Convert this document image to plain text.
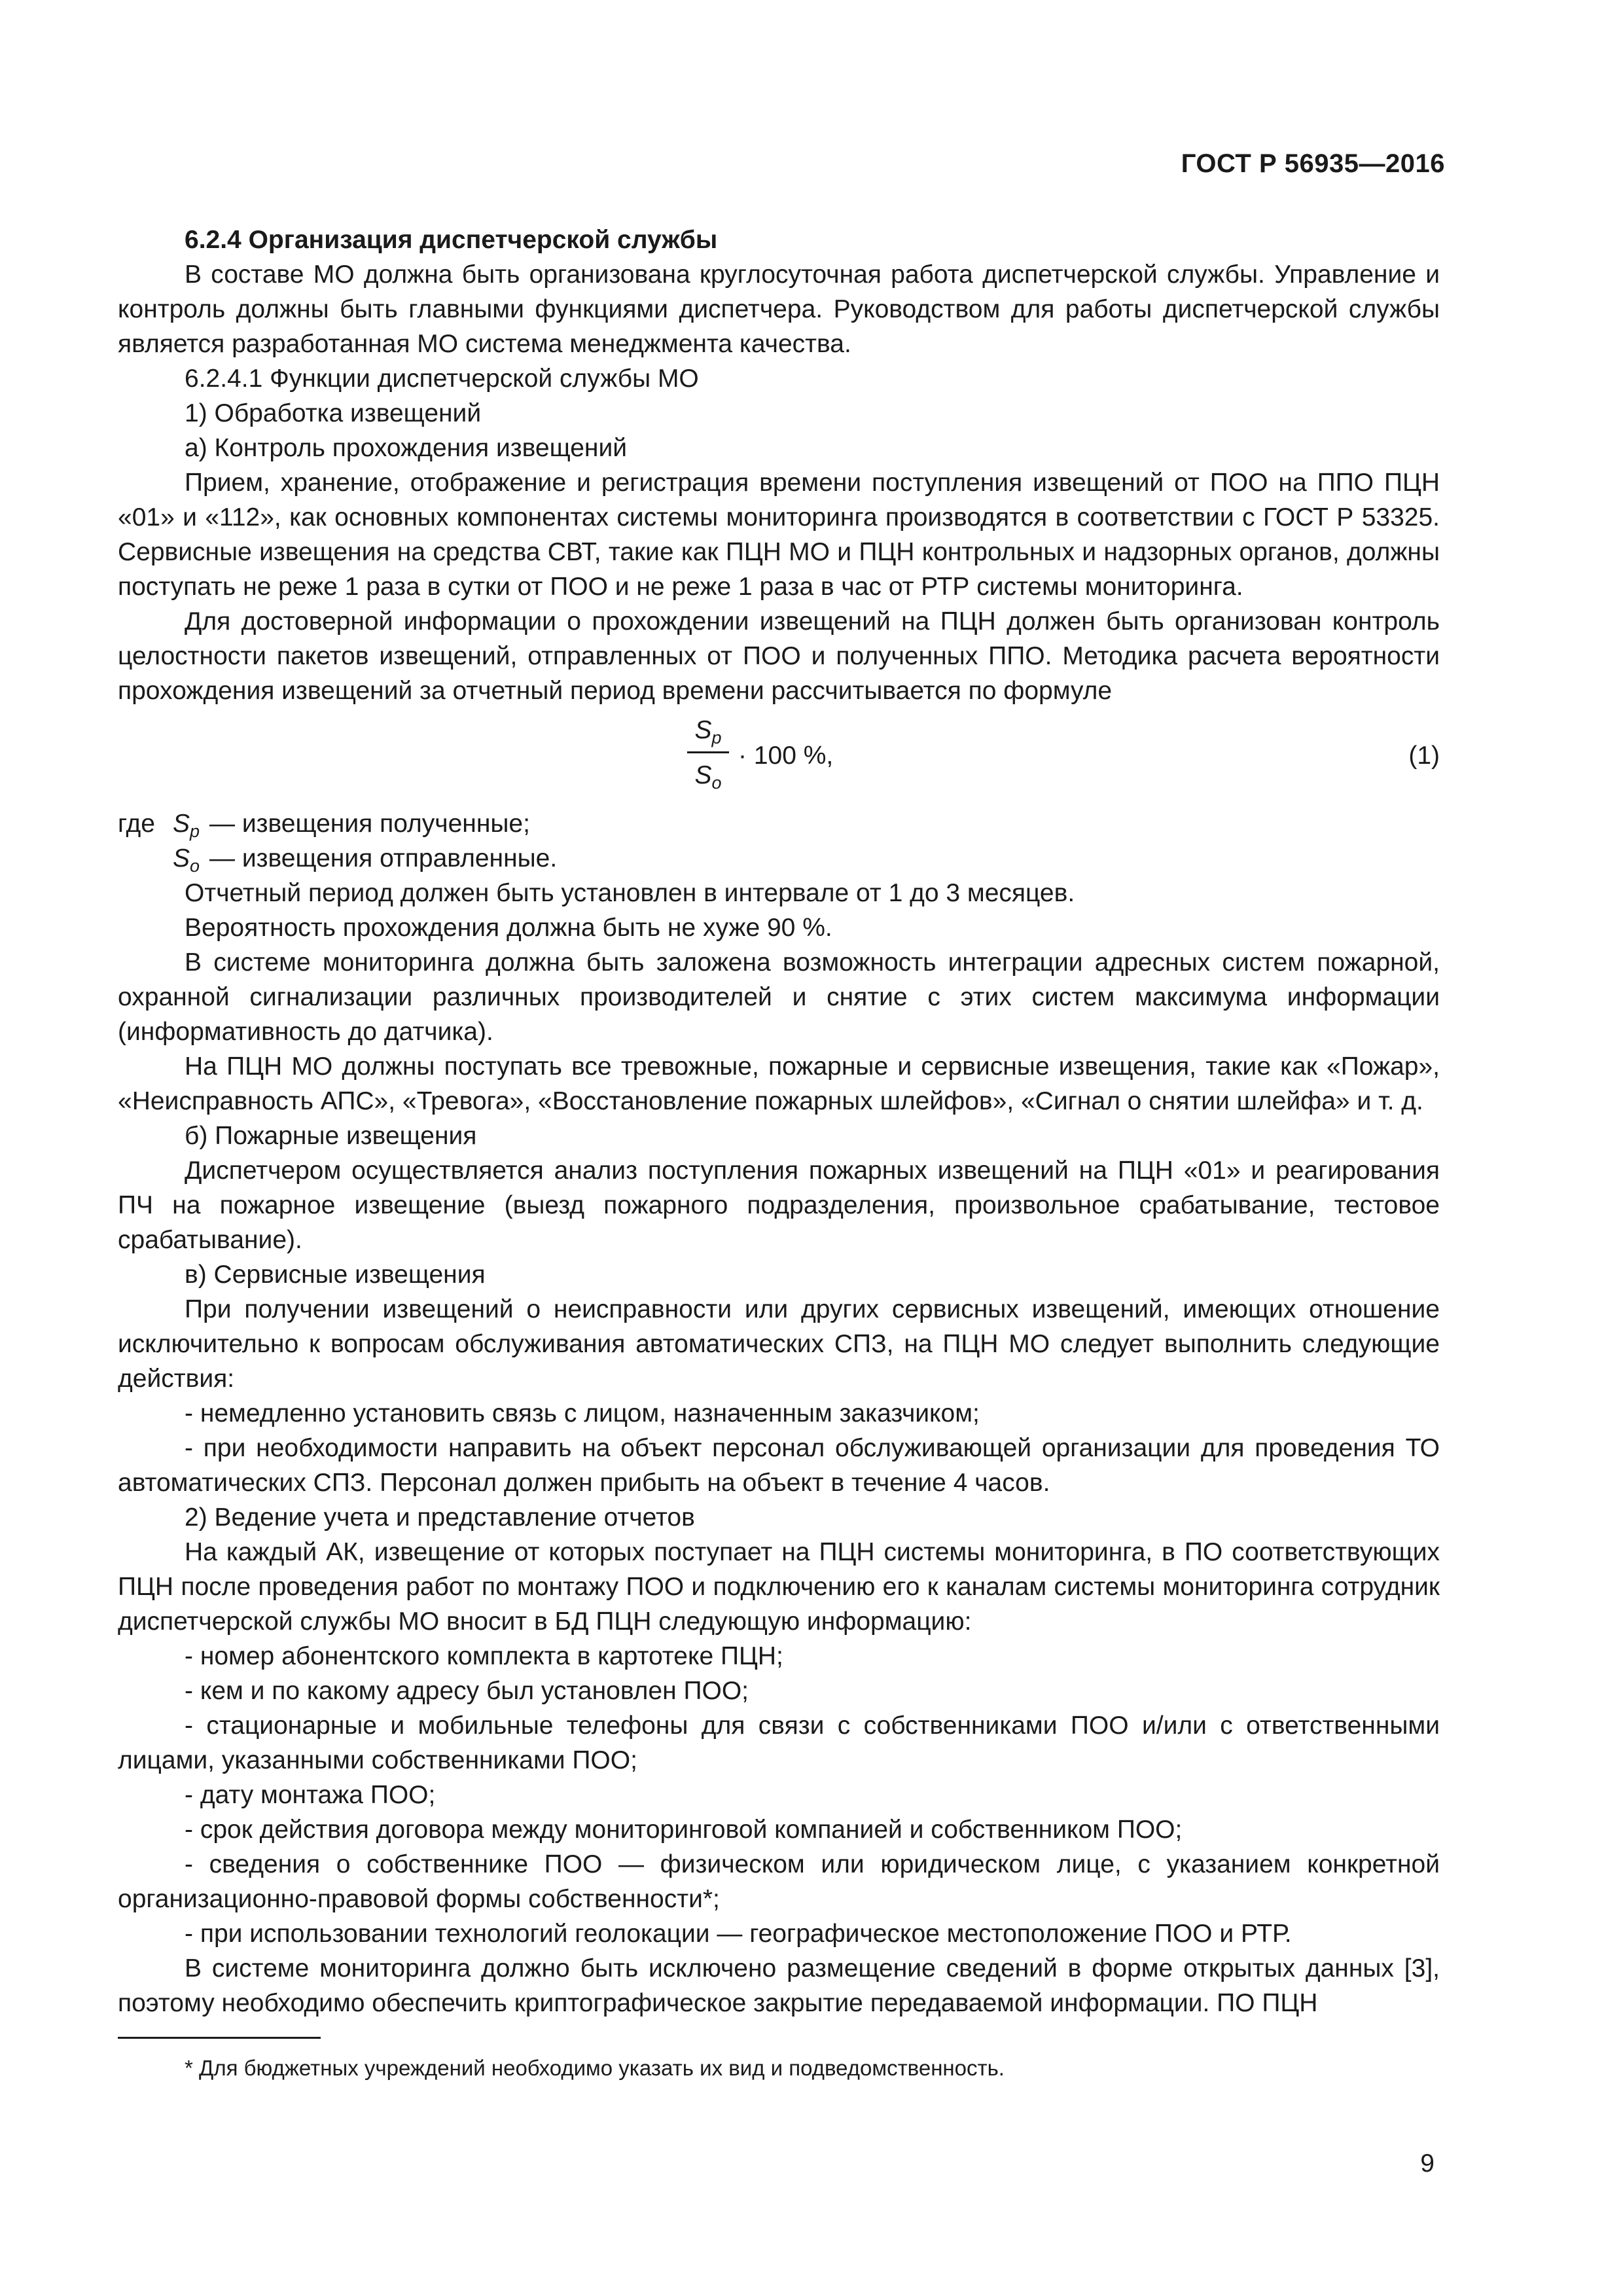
ГОСТ Р 56935—2016

6.2.4 Организация диспетчерской службы

В составе МО должна быть организована круглосуточная работа диспетчерской службы. Управление и контроль должны быть главными функциями диспетчера. Руководством для работы диспетчерской службы является разработанная МО система менеджмента качества.

6.2.4.1 Функции диспетчерской службы МО

1) Обработка извещений

а) Контроль прохождения извещений

Прием, хранение, отображение и регистрация времени поступления извещений от ПОО на ППО ПЦН «01» и «112», как основных компонентах системы мониторинга производятся в соответствии с ГОСТ Р 53325. Сервисные извещения на средства СВТ, такие как ПЦН МО и ПЦН контрольных и надзорных органов, должны поступать не реже 1 раза в сутки от ПОО и не реже 1 раза в час от РТР системы мониторинга.

Для достоверной информации о прохождении извещений на ПЦН должен быть организован контроль целостности пакетов извещений, отправленных от ПОО и полученных ППО. Методика расчета вероятности прохождения извещений за отчетный период времени рассчитывается по формуле

$S_p$
$S_o$
· 100 %,	(1)
где $S_p$ — извещения полученные;
$S_o$ — извещения отправленные.

Отчетный период должен быть установлен в интервале от 1 до 3 месяцев.

Вероятность прохождения должна быть не хуже 90 %.

В системе мониторинга должна быть заложена возможность интеграции адресных систем пожарной, охранной сигнализации различных производителей и снятие с этих систем максимума информации (информативность до датчика).

На ПЦН МО должны поступать все тревожные, пожарные и сервисные извещения, такие как «Пожар», «Неисправность АПС», «Тревога», «Восстановление пожарных шлейфов», «Сигнал о снятии шлейфа» и т. д.

б) Пожарные извещения

Диспетчером осуществляется анализ поступления пожарных извещений на ПЦН «01» и реагирования ПЧ на пожарное извещение (выезд пожарного подразделения, произвольное срабатывание, тестовое срабатывание).

в) Сервисные извещения

При получении извещений о неисправности или других сервисных извещений, имеющих отношение исключительно к вопросам обслуживания автоматических СПЗ, на ПЦН МО следует выполнить следующие действия:

- немедленно установить связь с лицом, назначенным заказчиком;

- при необходимости направить на объект персонал обслуживающей организации для проведения ТО автоматических СПЗ. Персонал должен прибыть на объект в течение 4 часов.

2) Ведение учета и представление отчетов

На каждый АК, извещение от которых поступает на ПЦН системы мониторинга, в ПО соответствующих ПЦН после проведения работ по монтажу ПОО и подключению его к каналам системы мониторинга сотрудник диспетчерской службы МО вносит в БД ПЦН следующую информацию:

- номер абонентского комплекта в картотеке ПЦН;

- кем и по какому адресу был установлен ПОО;

- стационарные и мобильные телефоны для связи с собственниками ПОО и/или с ответственными лицами, указанными собственниками ПОО;

- дату монтажа ПОО;

- срок действия договора между мониторинговой компанией и собственником ПОО;

- сведения о собственнике ПОО — физическом или юридическом лице, с указанием конкретной организационно-правовой формы собственности*;

- при использовании технологий геолокации — географическое местоположение ПОО и РТР.

В системе мониторинга должно быть исключено размещение сведений в форме открытых данных [3], поэтому необходимо обеспечить криптографическое закрытие передаваемой информации. ПО ПЦН

* Для бюджетных учреждений необходимо указать их вид и подведомственность.
9
